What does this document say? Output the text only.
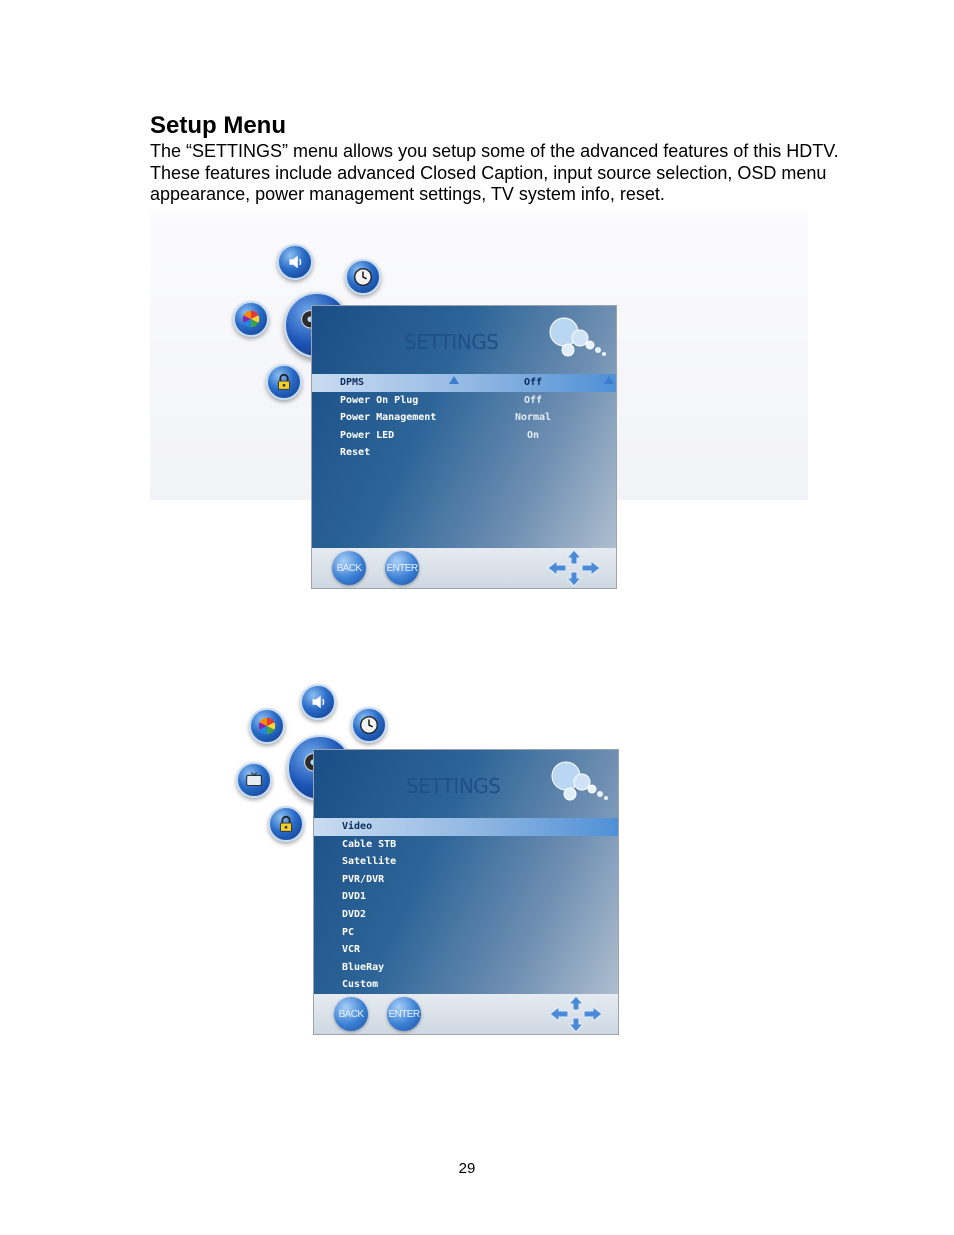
Setup Menu

The “SETTINGS” menu allows you setup some of the advanced features of this HDTV. These features include advanced Closed Caption, input source selection, OSD menu appearance, power management settings, TV system info, reset.

SETTINGS
DPMS	Off
Power On Plug	Off
Power Management	Normal
Power LED	On
Reset
BACK	ENTER
SETTINGS
Video
Cable STB
Satellite
PVR/DVR
DVD1
DVD2
PC
VCR
BlueRay
Custom
BACK	ENTER
29
